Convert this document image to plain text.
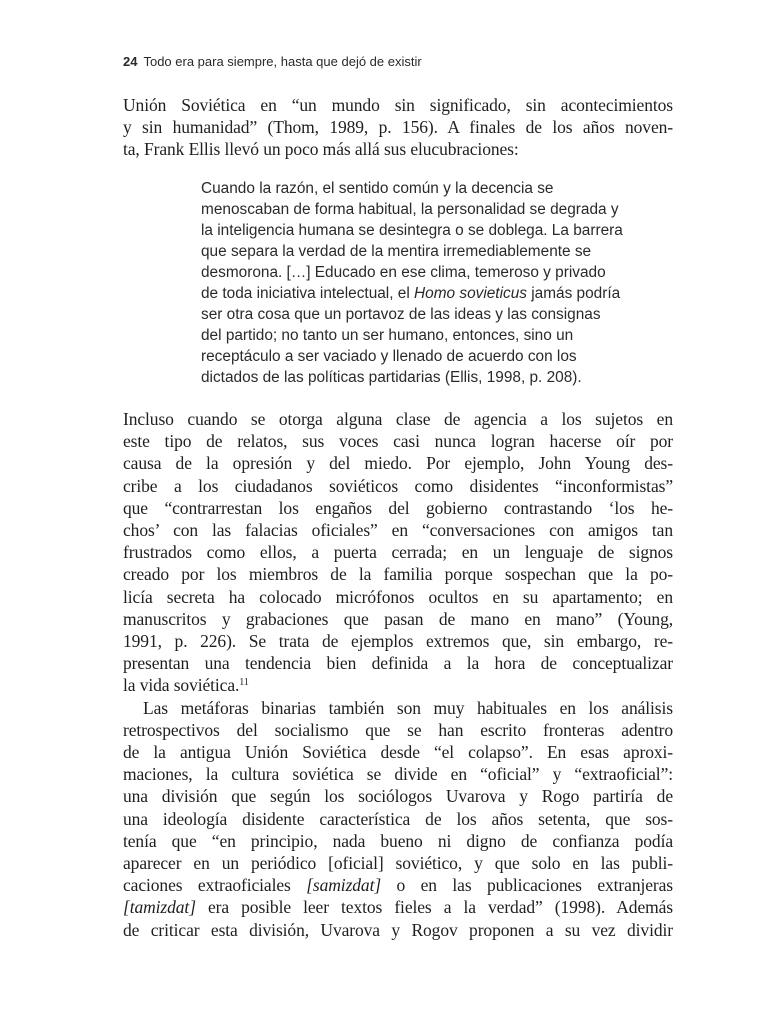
24 Todo era para siempre, hasta que dejó de existir
Unión Soviética en “un mundo sin significado, sin acontecimientos
y sin humanidad” (Thom, 1989, p. 156). A finales de los años noven-
ta, Frank Ellis llevó un poco más allá sus elucubraciones:
Cuando la razón, el sentido común y la decencia se
menoscaban de forma habitual, la personalidad se degrada y
la inteligencia humana se desintegra o se doblega. La barrera
que separa la verdad de la mentira irremediablemente se
desmorona. […] Educado en ese clima, temeroso y privado
de toda iniciativa intelectual, el Homo sovieticus jamás podría
ser otra cosa que un portavoz de las ideas y las consignas
del partido; no tanto un ser humano, entonces, sino un
receptáculo a ser vaciado y llenado de acuerdo con los
dictados de las políticas partidarias (Ellis, 1998, p. 208).
Incluso cuando se otorga alguna clase de agencia a los sujetos en
este tipo de relatos, sus voces casi nunca logran hacerse oír por
causa de la opresión y del miedo. Por ejemplo, John Young des-
cribe a los ciudadanos soviéticos como disidentes “inconformistas”
que “contrarrestan los engaños del gobierno contrastando ‘los he-
chos’ con las falacias oficiales” en “conversaciones con amigos tan
frustrados como ellos, a puerta cerrada; en un lenguaje de signos
creado por los miembros de la familia porque sospechan que la po-
licía secreta ha colocado micrófonos ocultos en su apartamento; en
manuscritos y grabaciones que pasan de mano en mano” (Young,
1991, p. 226). Se trata de ejemplos extremos que, sin embargo, re-
presentan una tendencia bien definida a la hora de conceptualizar
la vida soviética.$^{11}$
Las metáforas binarias también son muy habituales en los análisis
retrospectivos del socialismo que se han escrito fronteras adentro
de la antigua Unión Soviética desde “el colapso”. En esas aproxi-
maciones, la cultura soviética se divide en “oficial” y “extraoficial”:
una división que según los sociólogos Uvarova y Rogo partiría de
una ideología disidente característica de los años setenta, que sos-
tenía que “en principio, nada bueno ni digno de confianza podía
aparecer en un periódico [oficial] soviético, y que solo en las publi-
caciones extraoficiales [samizdat] o en las publicaciones extranjeras
[tamizdat] era posible leer textos fieles a la verdad” (1998). Además
de criticar esta división, Uvarova y Rogov proponen a su vez dividir
